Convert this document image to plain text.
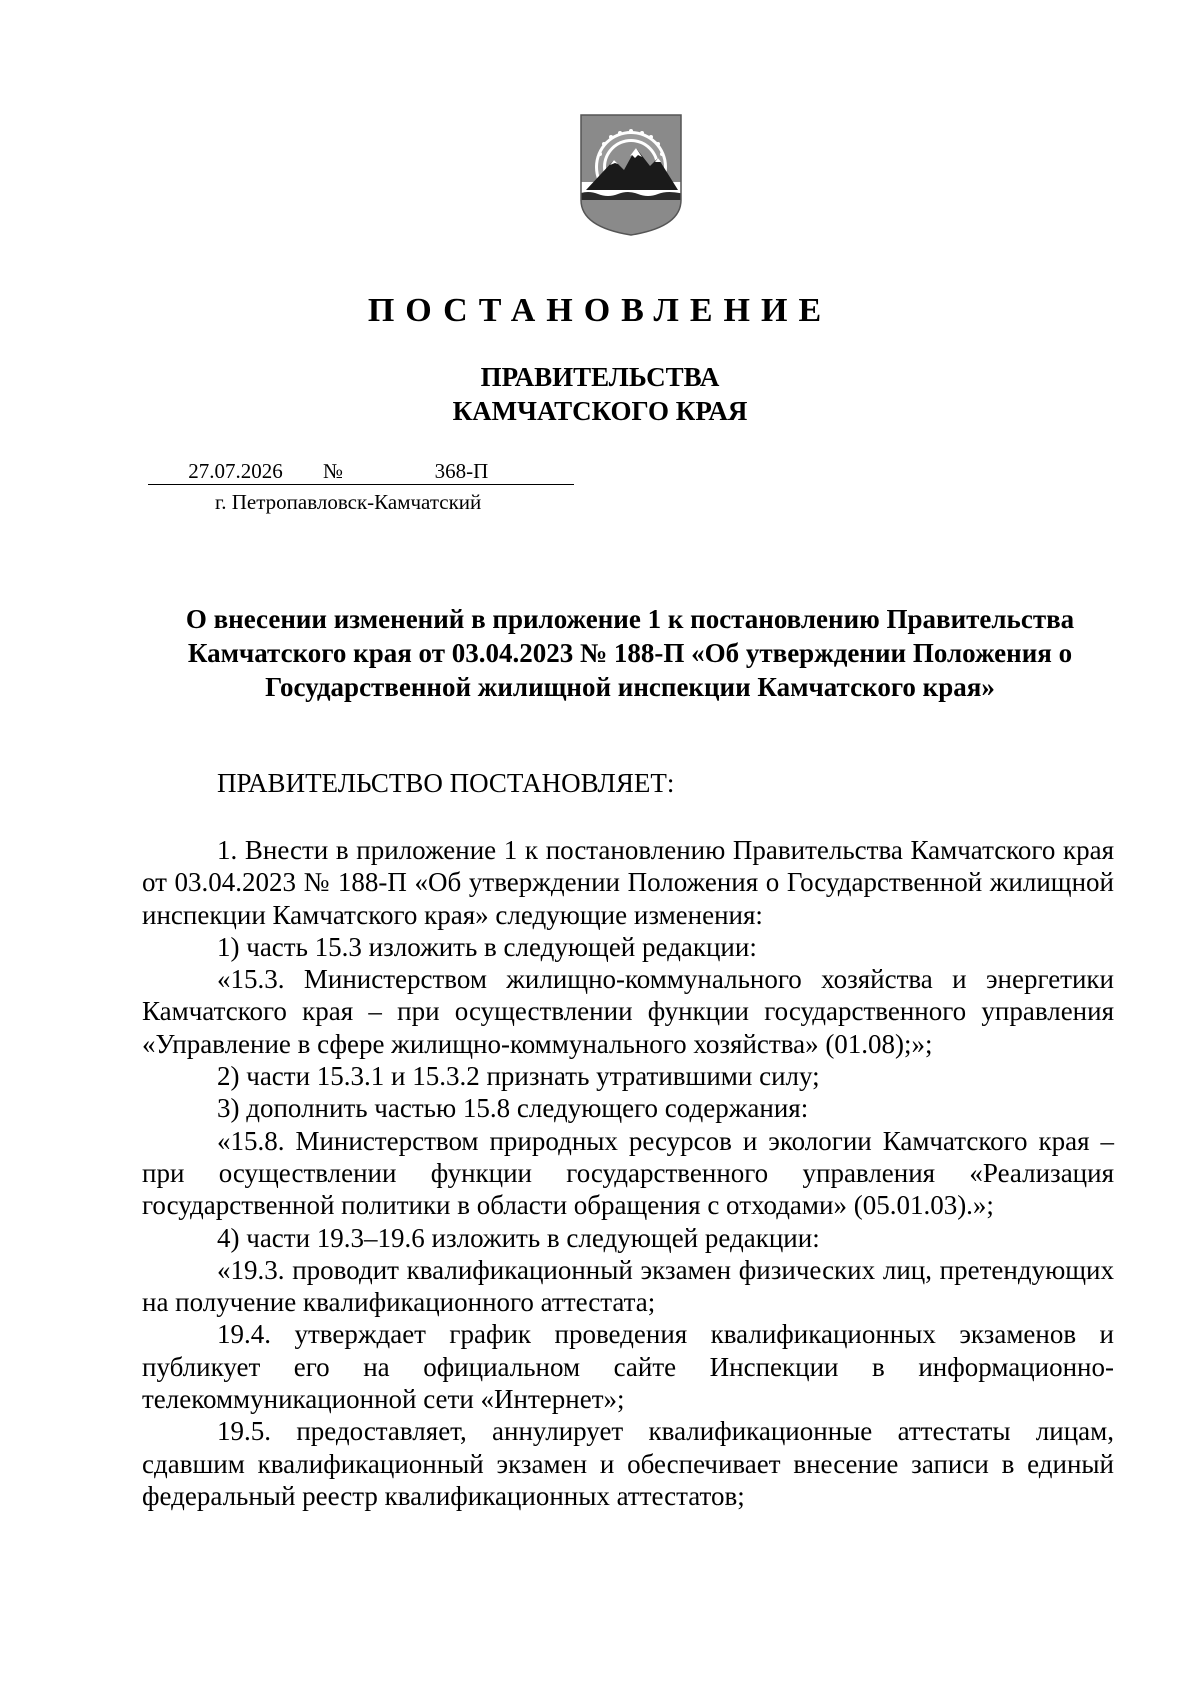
ПОСТАНОВЛЕНИЕ
ПРАВИТЕЛЬСТВА
КАМЧАТСКОГО КРАЯ
27.07.2026 №	368-П
г. Петропавловск-Камчатский
О внесении изменений в приложение 1 к постановлению Правительства
Камчатского края от 03.04.2023 № 188-П «Об утверждении Положения о
Государственной жилищной инспекции Камчатского края»
ПРАВИТЕЛЬСТВО ПОСТАНОВЛЯЕТ:

1. Внести в приложение 1 к постановлению Правительства Камчатского края от 03.04.2023 № 188-П «Об утверждении Положения о Государственной жилищной инспекции Камчатского края» следующие изменения:

1) часть 15.3 изложить в следующей редакции:

«15.3. Министерством жилищно-коммунального хозяйства и энергетики Камчатского края – при осуществлении функции государственного управления «Управление в сфере жилищно-коммунального хозяйства» (01.08);»;

2) части 15.3.1 и 15.3.2 признать утратившими силу;

3) дополнить частью 15.8 следующего содержания:

«15.8. Министерством природных ресурсов и экологии Камчатского края – при осуществлении функции государственного управления «Реализация государственной политики в области обращения с отходами» (05.01.03).»;

4) части 19.3–19.6 изложить в следующей редакции:

«19.3. проводит квалификационный экзамен физических лиц, претендующих на получение квалификационного аттестата;

19.4. утверждает график проведения квалификационных экзаменов и публикует его на официальном сайте Инспекции в информационно-телекоммуникационной сети «Интернет»;

19.5. предоставляет, аннулирует квалификационные аттестаты лицам, сдавшим квалификационный экзамен и обеспечивает внесение записи в единый федеральный реестр квалификационных аттестатов;
